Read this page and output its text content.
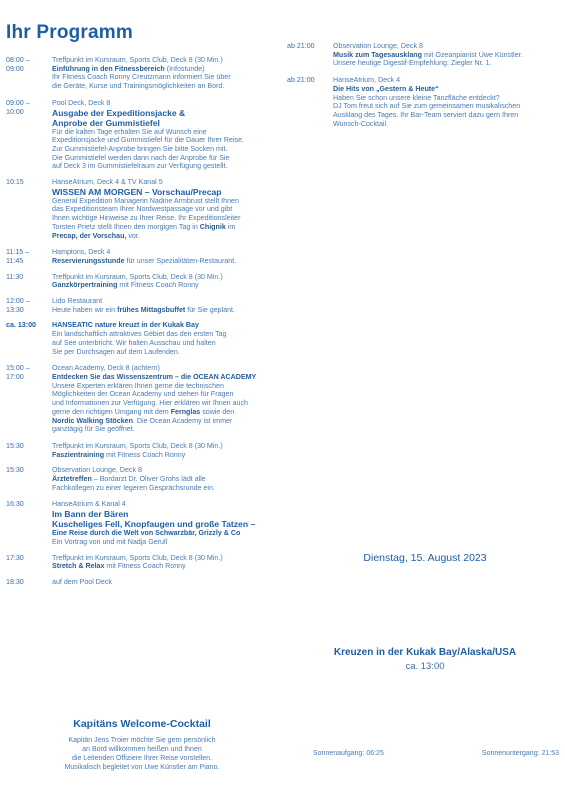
Ihr Programm
08:00 –
09:00
Treffpunkt im Kursraum, Sports Club, Deck 8 (30 Min.)
Einführung in den Fitnessbereich (Infostunde)
Ihr Fitness Coach Ronny Creutzmann informiert Sie über
die Geräte, Kurse und Trainingsmöglichkeiten an Bord.
09:00 –
10:00
Pool Deck, Deck 8
Ausgabe der Expeditionsjacke &
Anprobe der Gummistiefel
Für die kalten Tage erhalten Sie auf Wunsch eine
Expeditionsjacke und Gummistiefel für die Dauer Ihrer Reise.
Zur Gummistiefel-Anprobe bringen Sie bitte Socken mit.
Die Gummistiefel werden dann nach der Anprobe für Sie
auf Deck 3 im Gummistiefelraum zur Verfügung gestellt.
10:15	HanseAtrium, Deck 4 & TV Kanal 5
WISSEN AM MORGEN – Vorschau/Precap
General Expedition Managerin Nadine Armbrust stellt Ihnen
das Expeditionsteam Ihrer Nordwestpassage vor und gibt
Ihnen wichtige Hinweise zu Ihrer Reise. Ihr Expeditionsleiter
Torsten Prietz stellt Ihnen den morgigen Tag in Chignik im
Precap, der Vorschau, vor.
11:15 –
11:45
Hamptons, Deck 4
Reservierungsstunde für unser Spezialitäten-Restaurant.
11:30	Treffpunkt im Kursraum, Sports Club, Deck 8 (30 Min.)
Ganzkörpertraining mit Fitness Coach Ronny
12:00 –
13:30
Lido Restaurant
Heute haben wir ein frühes Mittagsbuffet für Sie geplant.
ca. 13:00	HANSEATIC nature kreuzt in der Kukak Bay
Ein landschaftlich attraktives Gebiet das den ersten Tag
auf See unterbricht. Wir halten Ausschau und halten
Sie per Durchsagen auf dem Laufenden.
15:00 –
17:00
Ocean Academy, Deck 8 (achtern)
Entdecken Sie das Wissenszentrum – die OCEAN ACADEMY
Unsere Experten erklären Ihnen gerne die technischen
Möglichkeiten der Ocean Academy und stehen für Fragen
und Informationen zur Verfügung. Hier erklären wir Ihnen auch
gerne den richtigen Umgang mit dem Fernglas sowie den
Nordic Walking Stöcken. Die Ocean Academy ist immer
ganztägig für Sie geöffnet.
15:30	Treffpunkt im Kursraum, Sports Club, Deck 8 (30 Min.)
Faszientraining mit Fitness Coach Ronny
15:30	Observation Lounge, Deck 8
Ärztetreffen – Bordarzt Dr. Oliver Grohs lädt alle
Fachkollegen zu einer legeren Gesprächsrunde ein.
16:30	HanseAtrium & Kanal 4
Im Bann der Bären
Kuscheliges Fell, Knopfaugen und große Tatzen –
Eine Reise durch die Welt von Schwarzbär, Grizzly & Co
Ein Vortrag von und mit Nadja Gerull
17:30	Treffpunkt im Kursraum, Sports Club, Deck 8 (30 Min.)
Stretch & Relax mit Fitness Coach Ronny
18:30	auf dem Pool Deck
ab 21:00	Observation Lounge, Deck 8
Musik zum Tagesausklang mit Ozeanpianist Uwe Künstler.
Unsere heutige Digestif-Empfehlung: Ziegler Nr. 1.
ab 21:00	HanseAtrium, Deck 4
Die Hits von „Gestern & Heute“
Haben Sie schon unsere kleine Tanzfläche entdeckt?
DJ Tom freut sich auf Sie zum gemeinsamen musikalischen
Ausklang des Tages. Ihr Bar-Team serviert dazu gern Ihren
Wunsch-Cocktail.
Kapitäns Welcome-Cocktail
Kapitän Jens Troier möchte Sie gern persönlich
an Bord willkommen heißen und Ihnen
die Leitenden Offiziere Ihrer Reise vorstellen.
Musikalisch begleitet von Uwe Künstler am Piano.
Dienstag, 15. August 2023
Kreuzen in der Kukak Bay/Alaska/USA
ca. 13:00
Sonnenaufgang: 06:25	Sonnenuntergang: 21:53
